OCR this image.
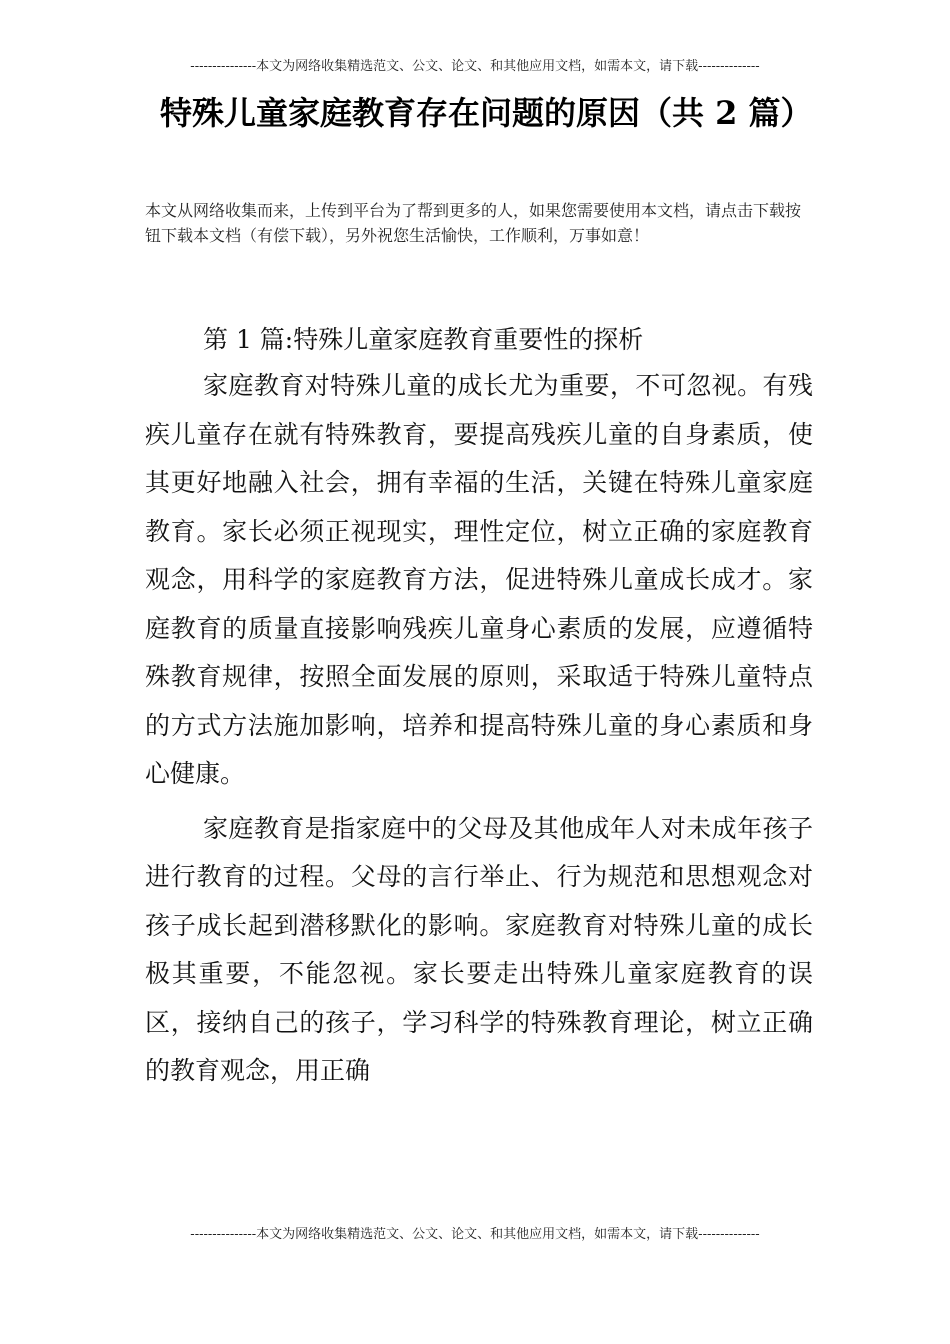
---------------本文为网络收集精选范文、公文、论文、和其他应用文档，如需本文，请下载--------------
特殊儿童家庭教育存在问题的原因（共 2 篇）
本文从网络收集而来，上传到平台为了帮到更多的人，如果您需要使用本文档，请点击下载按钮下载本文档（有偿下载），另外祝您生活愉快，工作顺利，万事如意！

第 1 篇:特殊儿童家庭教育重要性的探析

家庭教育对特殊儿童的成长尤为重要，不可忽视。有残疾儿童存在就有特殊教育，要提高残疾儿童的自身素质，使其更好地融入社会，拥有幸福的生活，关键在特殊儿童家庭教育。家长必须正视现实，理性定位，树立正确的家庭教育观念，用科学的家庭教育方法，促进特殊儿童成长成才。家庭教育的质量直接影响残疾儿童身心素质的发展，应遵循特殊教育规律，按照全面发展的原则，采取适于特殊儿童特点的方式方法施加影响，培养和提高特殊儿童的身心素质和身心健康。

家庭教育是指家庭中的父母及其他成年人对未成年孩子进行教育的过程。父母的言行举止、行为规范和思想观念对孩子成长起到潜移默化的影响。家庭教育对特殊儿童的成长极其重要，不能忽视。家长要走出特殊儿童家庭教育的误区，接纳自己的孩子，学习科学的特殊教育理论，树立正确的教育观念，用正确

---------------本文为网络收集精选范文、公文、论文、和其他应用文档，如需本文，请下载--------------
